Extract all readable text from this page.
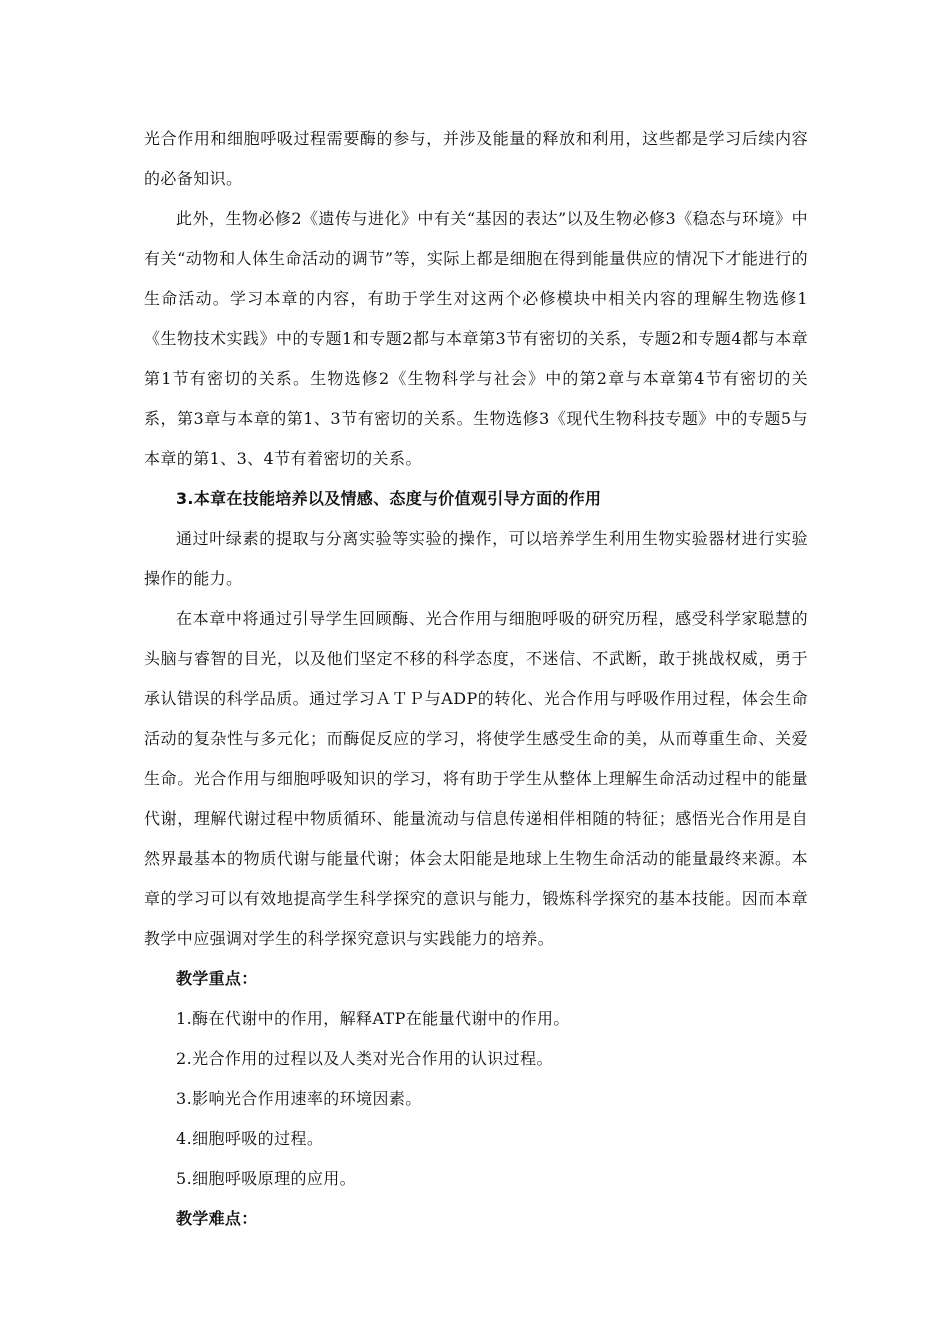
光合作用和细胞呼吸过程需要酶的参与，并涉及能量的释放和利用，这些都是学习后续内容的必备知识。

此外，生物必修2《遗传与进化》中有关“基因的表达”以及生物必修3《稳态与环境》中有关“动物和人体生命活动的调节”等，实际上都是细胞在得到能量供应的情况下才能进行的生命活动。学习本章的内容，有助于学生对这两个必修模块中相关内容的理解生物选修1《生物技术实践》中的专题1和专题2都与本章第3节有密切的关系，专题2和专题4都与本章第1节有密切的关系。生物选修2《生物科学与社会》中的第2章与本章第4节有密切的关系，第3章与本章的第1、3节有密切的关系。生物选修3《现代生物科技专题》中的专题5与本章的第1、3、4节有着密切的关系。

3.本章在技能培养以及情感、态度与价值观引导方面的作用

通过叶绿素的提取与分离实验等实验的操作，可以培养学生利用生物实验器材进行实验操作的能力。

在本章中将通过引导学生回顾酶、光合作用与细胞呼吸的研究历程，感受科学家聪慧的头脑与睿智的目光，以及他们坚定不移的科学态度，不迷信、不武断，敢于挑战权威，勇于承认错误的科学品质。通过学习ＡＴＰ与ADP的转化、光合作用与呼吸作用过程，体会生命活动的复杂性与多元化；而酶促反应的学习，将使学生感受生命的美，从而尊重生命、关爱生命。光合作用与细胞呼吸知识的学习，将有助于学生从整体上理解生命活动过程中的能量代谢，理解代谢过程中物质循环、能量流动与信息传递相伴相随的特征；感悟光合作用是自然界最基本的物质代谢与能量代谢；体会太阳能是地球上生物生命活动的能量最终来源。本章的学习可以有效地提高学生科学探究的意识与能力，锻炼科学探究的基本技能。因而本章教学中应强调对学生的科学探究意识与实践能力的培养。

教学重点：

1.酶在代谢中的作用，解释ATP在能量代谢中的作用。

2.光合作用的过程以及人类对光合作用的认识过程。

3.影响光合作用速率的环境因素。

4.细胞呼吸的过程。

5.细胞呼吸原理的应用。

教学难点：
